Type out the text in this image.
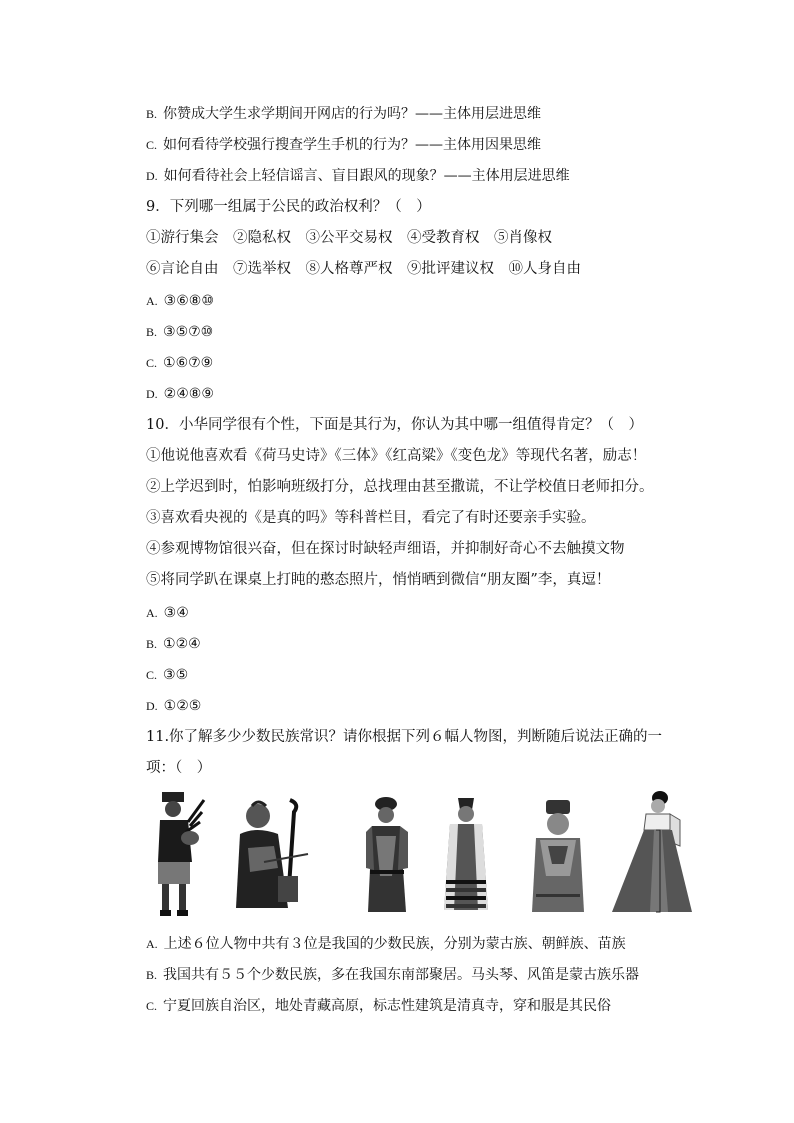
B. 你赞成大学生求学期间开网店的行为吗？——主体用层进思维
C. 如何看待学校强行搜查学生手机的行为？——主体用因果思维
D. 如何看待社会上轻信谣言、盲目跟风的现象？——主体用层进思维
9．下列哪一组属于公民的政治权利？（　）
①游行集会　②隐私权　③公平交易权　④受教育权　⑤肖像权
⑥言论自由　⑦选举权　⑧人格尊严权　⑨批评建议权　⑩人身自由
A. ③⑥⑧⑩
B. ③⑤⑦⑩
C. ①⑥⑦⑨
D. ②④⑧⑨
10．小华同学很有个性，下面是其行为，你认为其中哪一组值得肯定？（　）
①他说他喜欢看《荷马史诗》《三体》《红高粱》《变色龙》等现代名著，励志！
②上学迟到时，怕影响班级打分，总找理由甚至撒谎，不让学校值日老师扣分。
③喜欢看央视的《是真的吗》等科普栏目，看完了有时还要亲手实验。
④参观博物馆很兴奋，但在探讨时缺轻声细语，并抑制好奇心不去触摸文物
⑤将同学趴在课桌上打盹的憨态照片，悄悄晒到微信“朋友圈”李，真逗！
A. ③④
B. ①②④
C. ③⑤
D. ①②⑤
11.你了解多少少数民族常识？请你根据下列６幅人物图，判断随后说法正确的一
项：（　）
A. 上述６位人物中共有３位是我国的少数民族，分别为蒙古族、朝鲜族、苗族
B. 我国共有５５个少数民族，多在我国东南部聚居。马头琴、风笛是蒙古族乐器
C. 宁夏回族自治区，地处青藏高原，标志性建筑是清真寺，穿和服是其民俗
